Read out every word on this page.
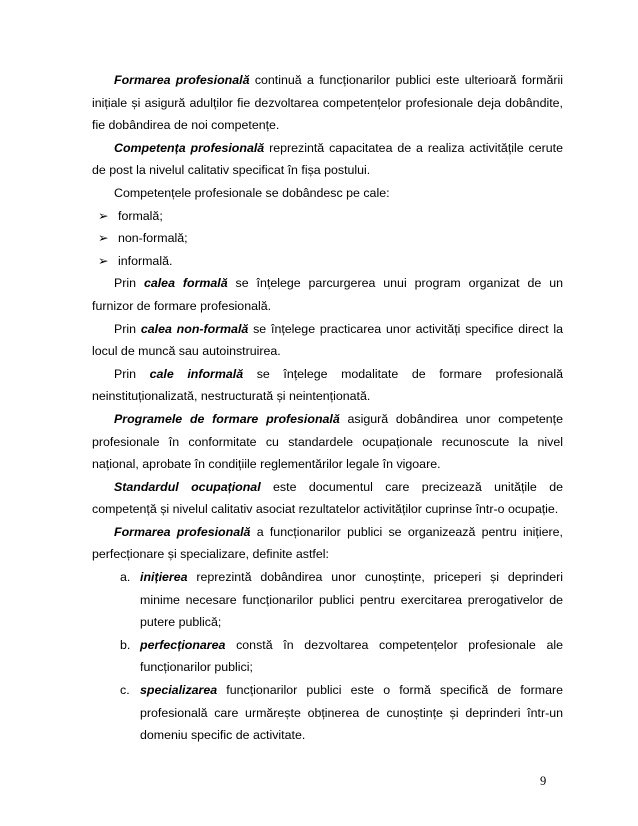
Formarea profesională continuă a funcționarilor publici este ulterioară formării inițiale și asigură adulților fie dezvoltarea competențelor profesionale deja dobândite, fie dobândirea de noi competențe.

Competența profesională reprezintă capacitatea de a realiza activitățile cerute de post la nivelul calitativ specificat în fișa postului.

Competențele profesionale se dobândesc pe cale:

➢ formală;
➢ non-formală;
➢ informală.

Prin calea formală se înțelege parcurgerea unui program organizat de un furnizor de formare profesională.

Prin calea non-formală se înțelege practicarea unor activități specifice direct la locul de muncă sau autoinstruirea.

Prin cale informală se înțelege modalitate de formare profesională neinstituționalizată, nestructurată și neintenționată.

Programele de formare profesională asigură dobândirea unor competențe profesionale în conformitate cu standardele ocupaționale recunoscute la nivel național, aprobate în condițiile reglementărilor legale în vigoare.

Standardul ocupațional este documentul care precizează unitățile de competență și nivelul calitativ asociat rezultatelor activităților cuprinse într-o ocupație.

Formarea profesională a funcționarilor publici se organizează pentru inițiere, perfecționare și specializare, definite astfel:

a. inițierea reprezintă dobândirea unor cunoștințe, priceperi și deprinderi minime necesare funcționarilor publici pentru exercitarea prerogativelor de putere publică;
b. perfecționarea constă în dezvoltarea competențelor profesionale ale funcționarilor publici;
c. specializarea funcționarilor publici este o formă specifică de formare profesională care urmărește obținerea de cunoștințe și deprinderi într-un domeniu specific de activitate.
9
